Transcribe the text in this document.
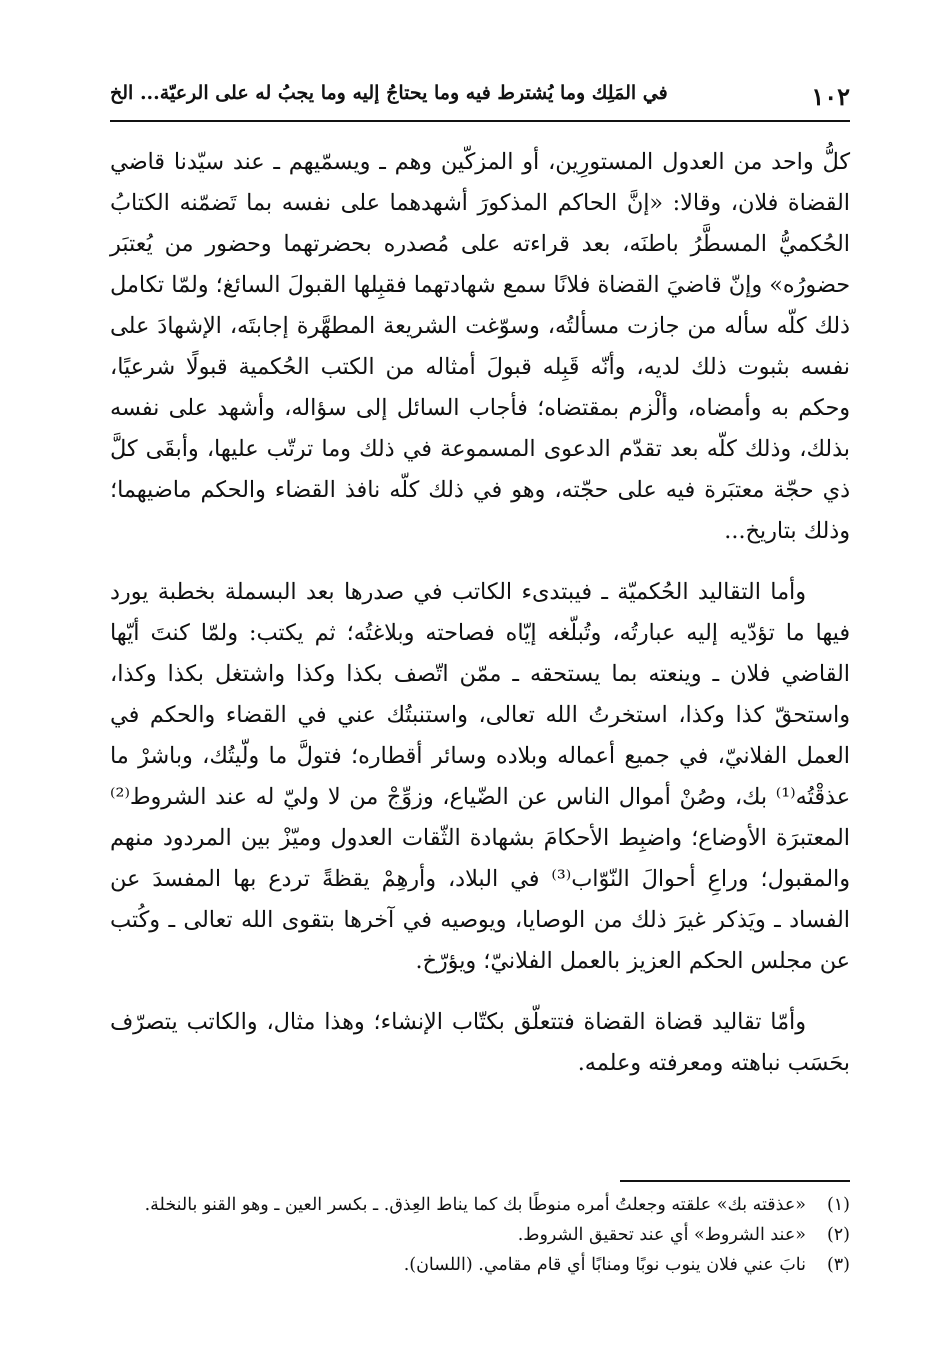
١٠٢
في المَلِك وما يُشترط فيه وما يحتاجُ إليه وما يجبُ له على الرعيّة... الخ

كلُّ واحد من العدول المستورِين، أو المزكّين وهم ـ ويسمّيهم ـ عند سيّدنا قاضي القضاة فلان، وقالا: «إنَّ الحاكم المذكورَ أشهدهما على نفسه بما تَضمّنه الكتابُ الحُكميُّ المسطَّرُ باطنَه، بعد قراءته على مُصدره بحضرتهما وحضور من يُعتبَر حضورُه» وإنّ قاضيَ القضاة فلانًا سمع شهادتهما فقبِلها القبولَ السائغ؛ ولمّا تكامل ذلك كلّه سأله من جازت مسألتُه، وسوّغت الشريعة المطهَّرة إجابتَه، الإشهادَ على نفسه بثبوت ذلك لديه، وأنّه قَبِله قبولَ أمثاله من الكتب الحُكمية قبولًا شرعيًا، وحكم به وأمضاه، وألْزم بمقتضاه؛ فأجاب السائل إلى سؤاله، وأشهد على نفسه بذلك، وذلك كلّه بعد تقدّم الدعوى المسموعة في ذلك وما ترتّب عليها، وأبقَى كلَّ ذي حجّة معتبَرة فيه على حجّته، وهو في ذلك كلّه نافذ القضاء والحكم ماضيهما؛ وذلك بتاريخ...

وأما التقاليد الحُكميّة ـ فيبتدىء الكاتب في صدرها بعد البسملة بخطبة يورد فيها ما تؤدّيه إليه عبارتُه، وتُبلّغه إيّاه فصاحته وبلاغتُه؛ ثم يكتب: ولمّا كنتَ أيّها القاضي فلان ـ وينعته بما يستحقه ـ ممّن اتّصف بكذا وكذا واشتغل بكذا وكذا، واستحقّ كذا وكذا، استخرتُ الله تعالى، واستنبتُك عني في القضاء والحكم في العمل الفلانيّ، في جميع أعماله وبلاده وسائر أقطاره؛ فتولَّ ما ولّيتُك، وباشرْ ما عذقْتُه⁽¹⁾ بك، وصُنْ أموال الناس عن الضّياع، وزوِّجْ من لا وليّ له عند الشروط⁽²⁾ المعتبرَة الأوضاع؛ واضبِط الأحكامَ بشهادة الثّقات العدول وميّزْ بين المردود منهم والمقبول؛ وراعِ أحوالَ النّوّاب⁽³⁾ في البلاد، وأرهِمْ يقظةً تردع بها المفسدَ عن الفساد ـ ويَذكر غيرَ ذلك من الوصايا، ويوصيه في آخرها بتقوى الله تعالى ـ وكُتب عن مجلس الحكم العزيز بالعمل الفلانيّ؛ ويؤرّخ.

وأمّا تقاليد قضاة القضاة فتتعلّق بكتّاب الإنشاء؛ وهذا مثال، والكاتب يتصرّف بحَسَب نباهته ومعرفته وعلمه.

(١)
«عذقته بك» علقته وجعلتُ أمره منوطًا بك كما يناط العِذق. ـ بكسر العين ـ وهو القنو بالنخلة.

(٢)
«عند الشروط» أي عند تحقيق الشروط.

(٣)
نابَ عني فلان ينوب نوبًا ومنابًا أي قام مقامي. (اللسان).
